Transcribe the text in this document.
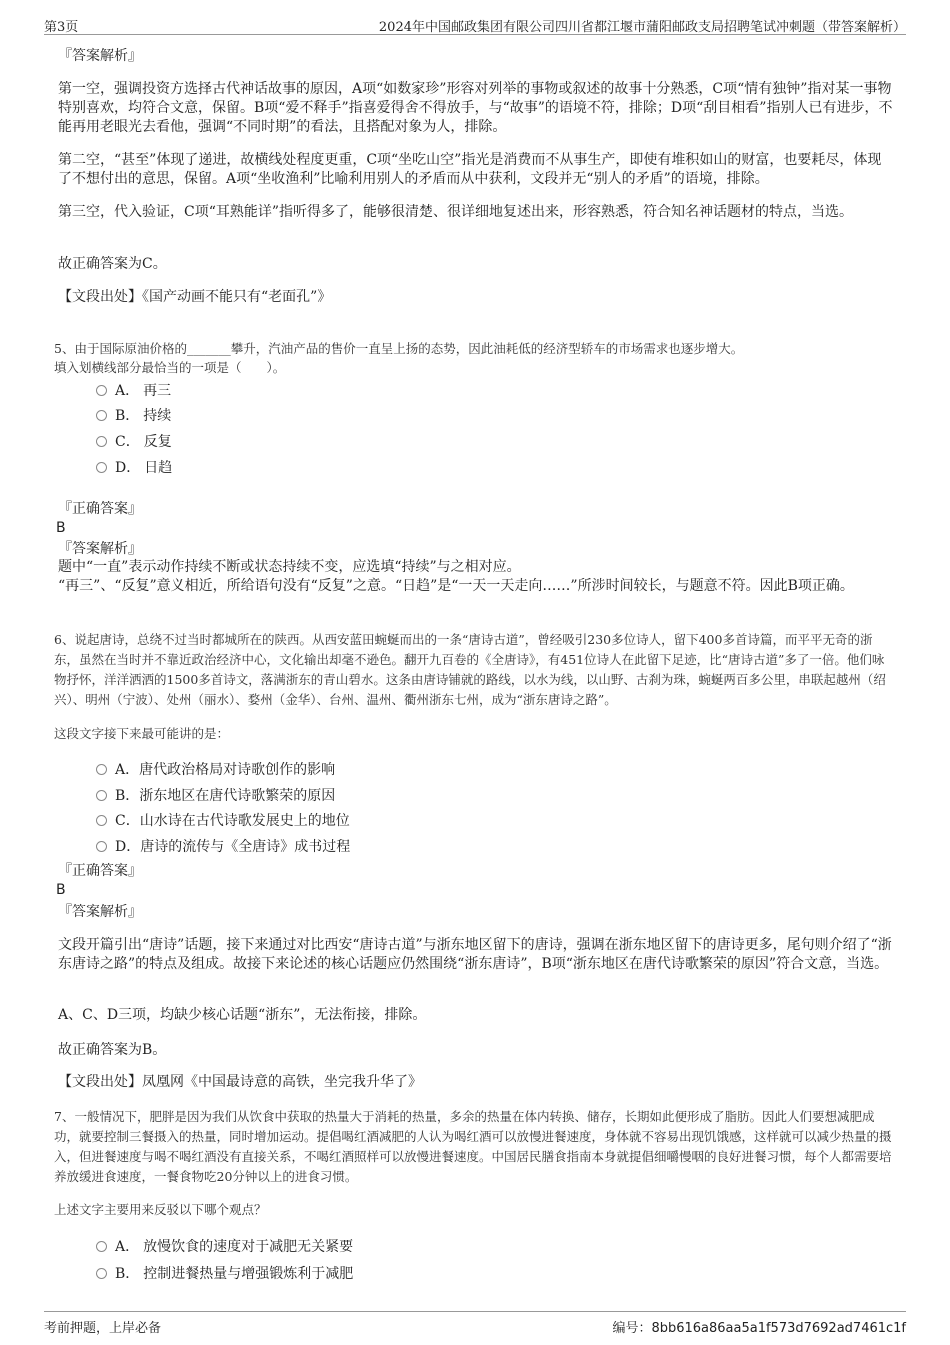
第3页	2024年中国邮政集团有限公司四川省都江堰市蒲阳邮政支局招聘笔试冲刺题（带答案解析）
『答案解析』
第一空，强调投资方选择古代神话故事的原因，A项“如数家珍”形容对列举的事物或叙述的故事十分熟悉，C项“情有独钟”指对某一事物特别喜欢，均符合文意，保留。B项“爱不释手”指喜爱得舍不得放手，与“故事”的语境不符，排除；D项“刮目相看”指别人已有进步，不能再用老眼光去看他，强调“不同时期”的看法，且搭配对象为人，排除。
第二空，“甚至”体现了递进，故横线处程度更重，C项“坐吃山空”指光是消费而不从事生产，即使有堆积如山的财富，也要耗尽，体现了不想付出的意思，保留。A项“坐收渔利”比喻利用别人的矛盾而从中获利，文段并无“别人的矛盾”的语境，排除。
第三空，代入验证，C项“耳熟能详”指听得多了，能够很清楚、很详细地复述出来，形容熟悉，符合知名神话题材的特点，当选。
故正确答案为C。
【文段出处】《国产动画不能只有“老面孔”》
5、由于国际原油价格的_______攀升，汽油产品的售价一直呈上扬的态势，因此油耗低的经济型轿车的市场需求也逐步增大。
填入划横线部分最恰当的一项是（　　）。
A． 再三
B． 持续
C． 反复
D． 日趋
『正确答案』
B
『答案解析』
题中“一直”表示动作持续不断或状态持续不变，应选填“持续”与之相对应。
“再三”、“反复”意义相近，所给语句没有“反复”之意。“日趋”是“一天一天走向……”所涉时间较长，与题意不符。因此B项正确。
6、说起唐诗，总绕不过当时都城所在的陕西。从西安蓝田蜿蜒而出的一条“唐诗古道”，曾经吸引230多位诗人，留下400多首诗篇，而平平无奇的浙东，虽然在当时并不靠近政治经济中心，文化输出却毫不逊色。翻开九百卷的《全唐诗》，有451位诗人在此留下足迹，比“唐诗古道”多了一倍。他们咏物抒怀，洋洋洒洒的1500多首诗文，落满浙东的青山碧水。这条由唐诗铺就的路线，以水为线，以山野、古刹为珠，蜿蜒两百多公里，串联起越州（绍兴）、明州（宁波）、处州（丽水）、婺州（金华）、台州、温州、衢州浙东七州，成为“浙东唐诗之路”。
这段文字接下来最可能讲的是：
A．唐代政治格局对诗歌创作的影响
B．浙东地区在唐代诗歌繁荣的原因
C．山水诗在古代诗歌发展史上的地位
D．唐诗的流传与《全唐诗》成书过程
『正确答案』
B
『答案解析』
文段开篇引出“唐诗”话题，接下来通过对比西安“唐诗古道”与浙东地区留下的唐诗，强调在浙东地区留下的唐诗更多，尾句则介绍了“浙东唐诗之路”的特点及组成。故接下来论述的核心话题应仍然围绕“浙东唐诗”，B项“浙东地区在唐代诗歌繁荣的原因”符合文意，当选。
A、C、D三项，均缺少核心话题“浙东”，无法衔接，排除。
故正确答案为B。
【文段出处】凤凰网《中国最诗意的高铁，坐完我升华了》
7、一般情况下，肥胖是因为我们从饮食中获取的热量大于消耗的热量，多余的热量在体内转换、储存，长期如此便形成了脂肪。因此人们要想减肥成功，就要控制三餐摄入的热量，同时增加运动。提倡喝红酒减肥的人认为喝红酒可以放慢进餐速度，身体就不容易出现饥饿感，这样就可以减少热量的摄入，但进餐速度与喝不喝红酒没有直接关系，不喝红酒照样可以放慢进餐速度。中国居民膳食指南本身就提倡细嚼慢咽的良好进餐习惯，每个人都需要培养放缓进食速度，一餐食物吃20分钟以上的进食习惯。
上述文字主要用来反驳以下哪个观点？
A． 放慢饮食的速度对于减肥无关紧要
B． 控制进餐热量与增强锻炼利于减肥
考前押题，上岸必备	编号：8bb616a86aa5a1f573d7692ad7461c1f
